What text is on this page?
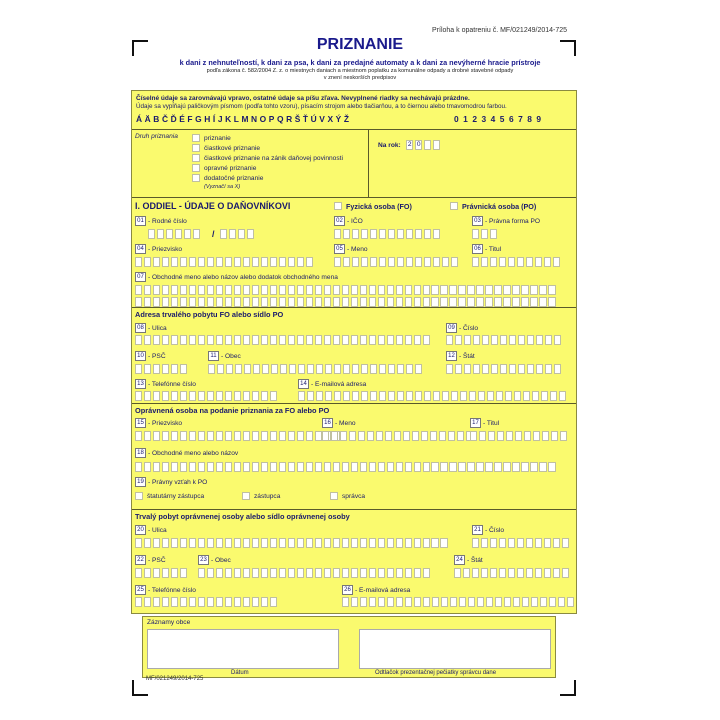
Príloha k opatreniu č. MF/021249/2014-725
PRIZNANIE
k dani z nehnuteľností, k dani za psa, k dani za predajné automaty a k dani za nevýherné hracie prístroje
podľa zákona č. 582/2004 Z. z. o miestnych daniach a miestnom poplatku za komunálne odpady a drobné stavebné odpady
v znení neskorších predpisov
Číselné údaje sa zarovnávajú vpravo, ostatné údaje sa píšu zľava. Nevyplnené riadky sa nechávajú prázdne.
Údaje sa vypĺňajú paličkovým písmom (podľa tohto vzoru), písacím strojom alebo tlačiarňou, a to čiernou alebo tmavomodrou farbou.
ÁÄBČĎÉFGHÍJKLMNOPQRŠŤÚVXÝŽ	0123456789
Druh priznania	priznanie
čiastkové priznanie
čiastkové priznanie na zánik daňovej povinnosti
opravné priznanie
dodatočné priznanie
(Vyznačí sa X)
Na rok: 2 0
I. ODDIEL - ÚDAJE O DAŇOVNÍKOVI	Fyzická osoba (FO)	Právnická osoba (PO)
01 - Rodné číslo
/
02 - IČO	03 - Právna forma PO
04 - Priezvisko	05 - Meno	06 - Titul
07 - Obchodné meno alebo názov alebo dodatok obchodného mena
Adresa trvalého pobytu FO alebo sídlo PO
08 - Ulica	09 - Číslo
10 - PSČ	11 - Obec	12 - Štát
13 - Telefónne číslo	14 - E-mailová adresa
Oprávnená osoba na podanie priznania za FO alebo PO
15 - Priezvisko	16 - Meno	17 - Titul
18 - Obchodné meno alebo názov
19 - Právny vzťah k PO
štatutárny zástupca	zástupca	správca
Trvalý pobyt oprávnenej osoby alebo sídlo oprávnenej osoby
20 - Ulica	21 - Číslo
22 - PSČ	23 - Obec	24 - Štát
25 - Telefónne číslo	26 - E-mailová adresa
Záznamy obce
Dátum	Odtlačok prezentačnej pečiatky správcu dane
MF/021249/2014-725
